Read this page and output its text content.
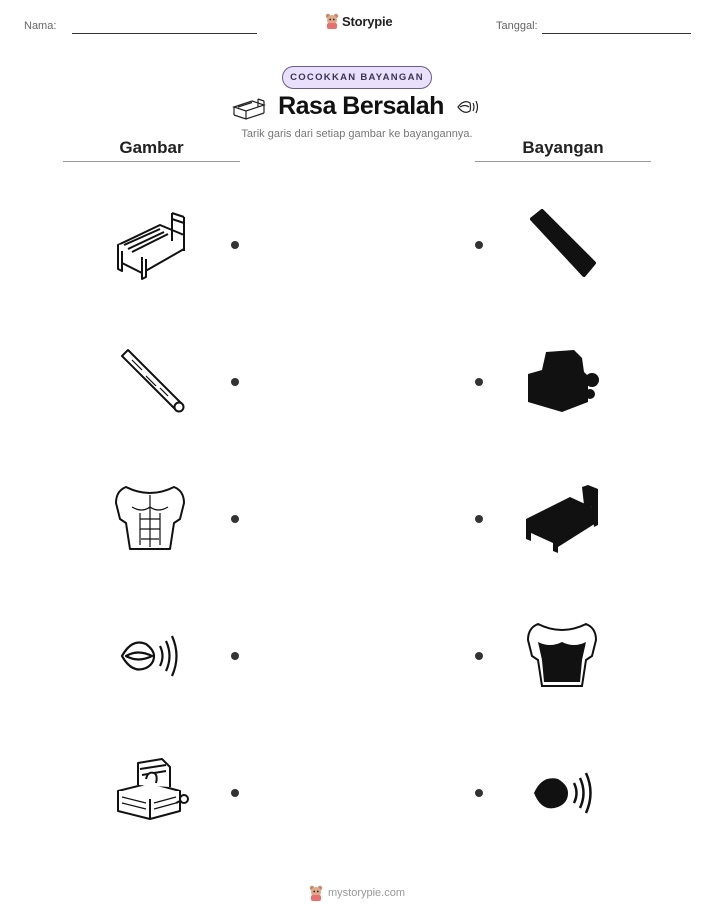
Nama:	Storypie	Tanggal:
COCOKKAN BAYANGAN
Rasa Bersalah
Tarik garis dari setiap gambar ke bayangannya.
Gambar	Bayangan
mystorypie.com
